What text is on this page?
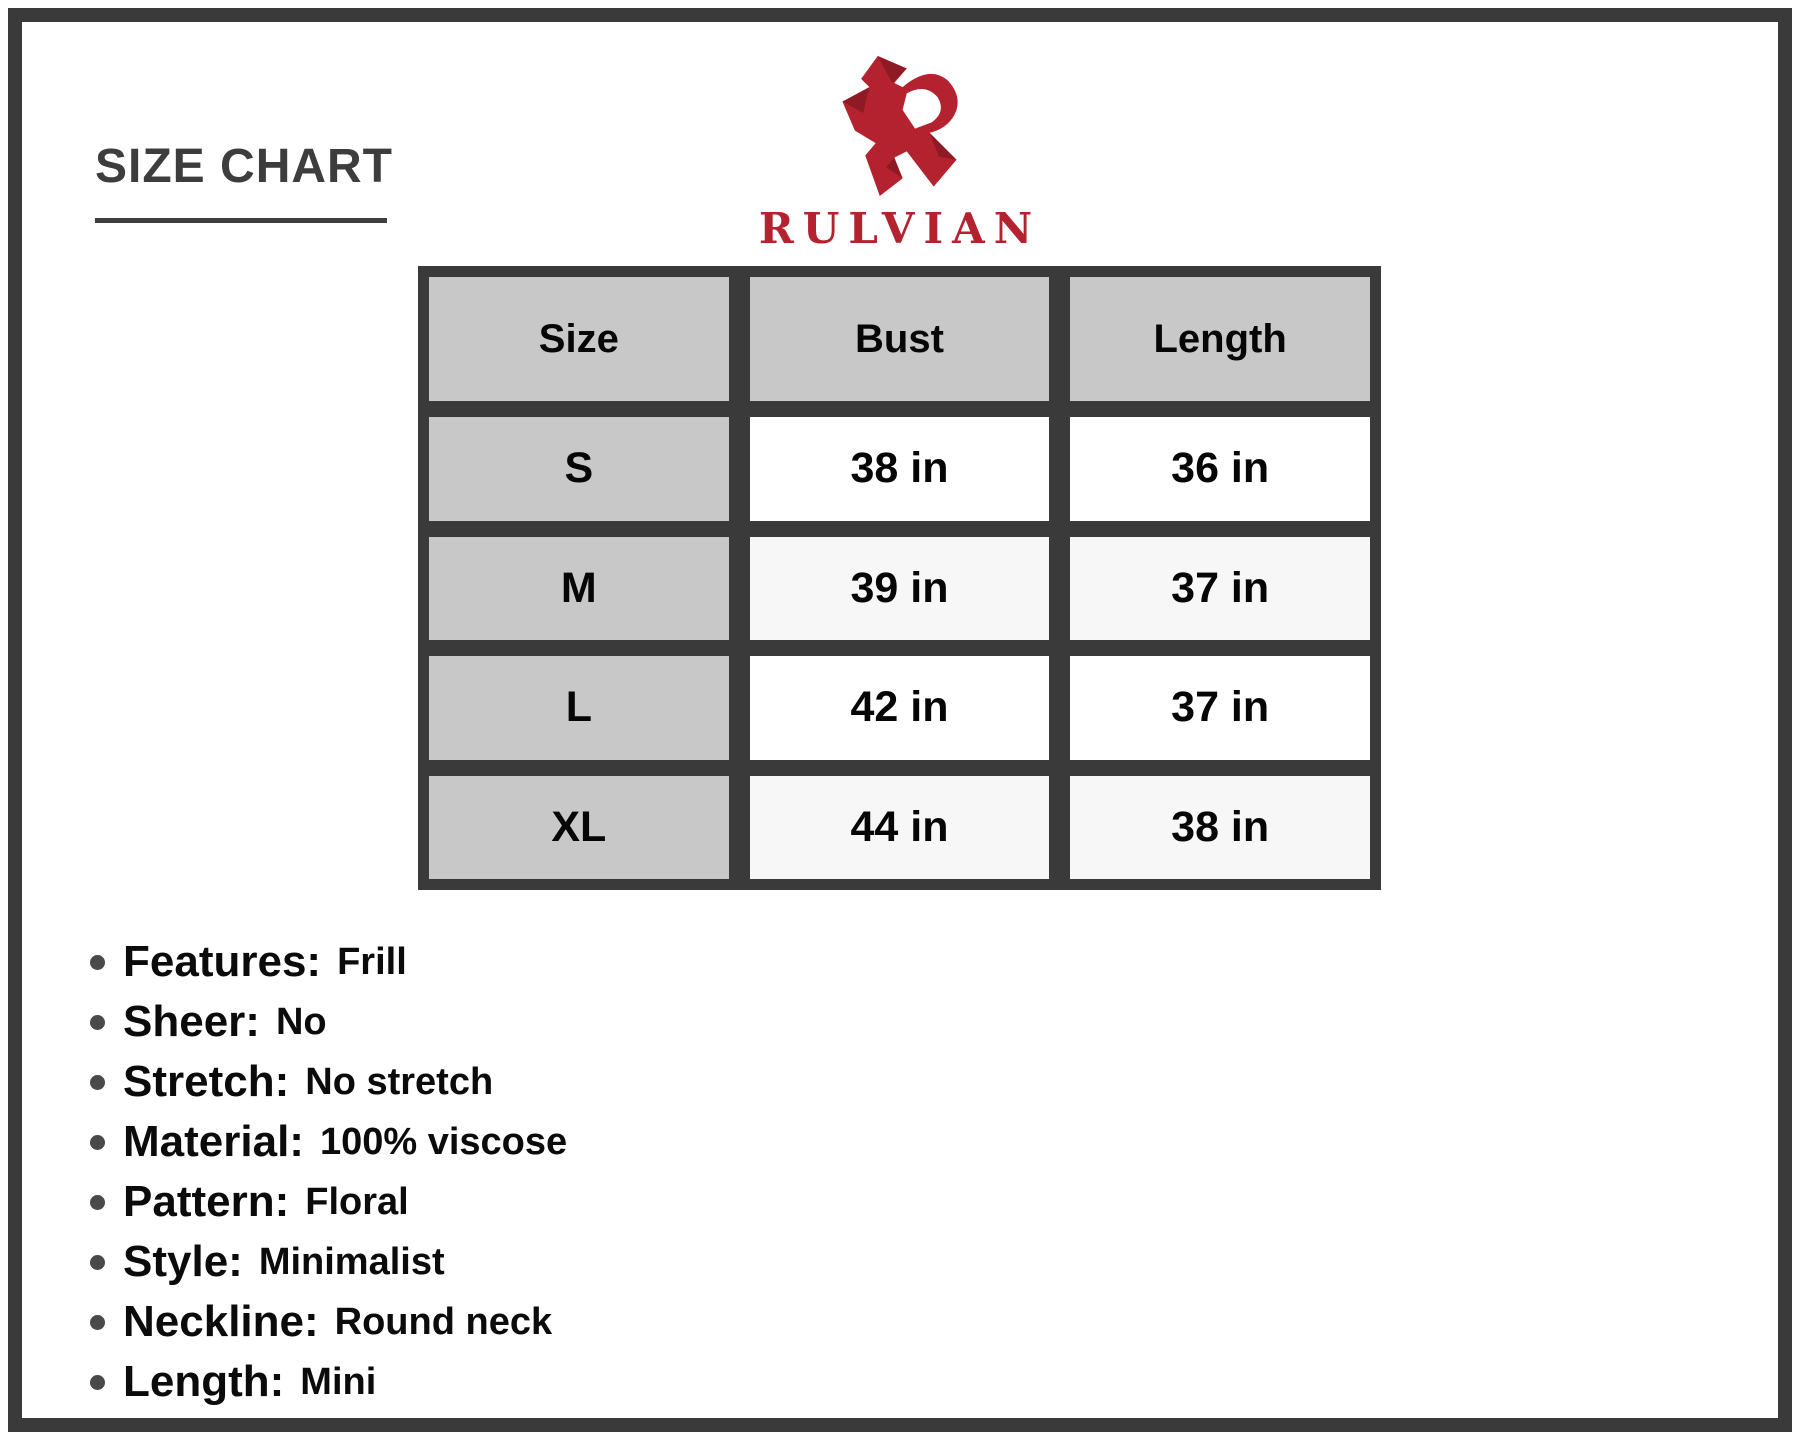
SIZE CHART
RULVIAN
Size	Bust	Length
S	38 in	36 in
M	39 in	37 in
L	42 in	37 in
XL	44 in	38 in
Features: Frill
Sheer: No
Stretch: No stretch
Material: 100% viscose
Pattern: Floral
Style: Minimalist
Neckline: Round neck
Length: Mini
